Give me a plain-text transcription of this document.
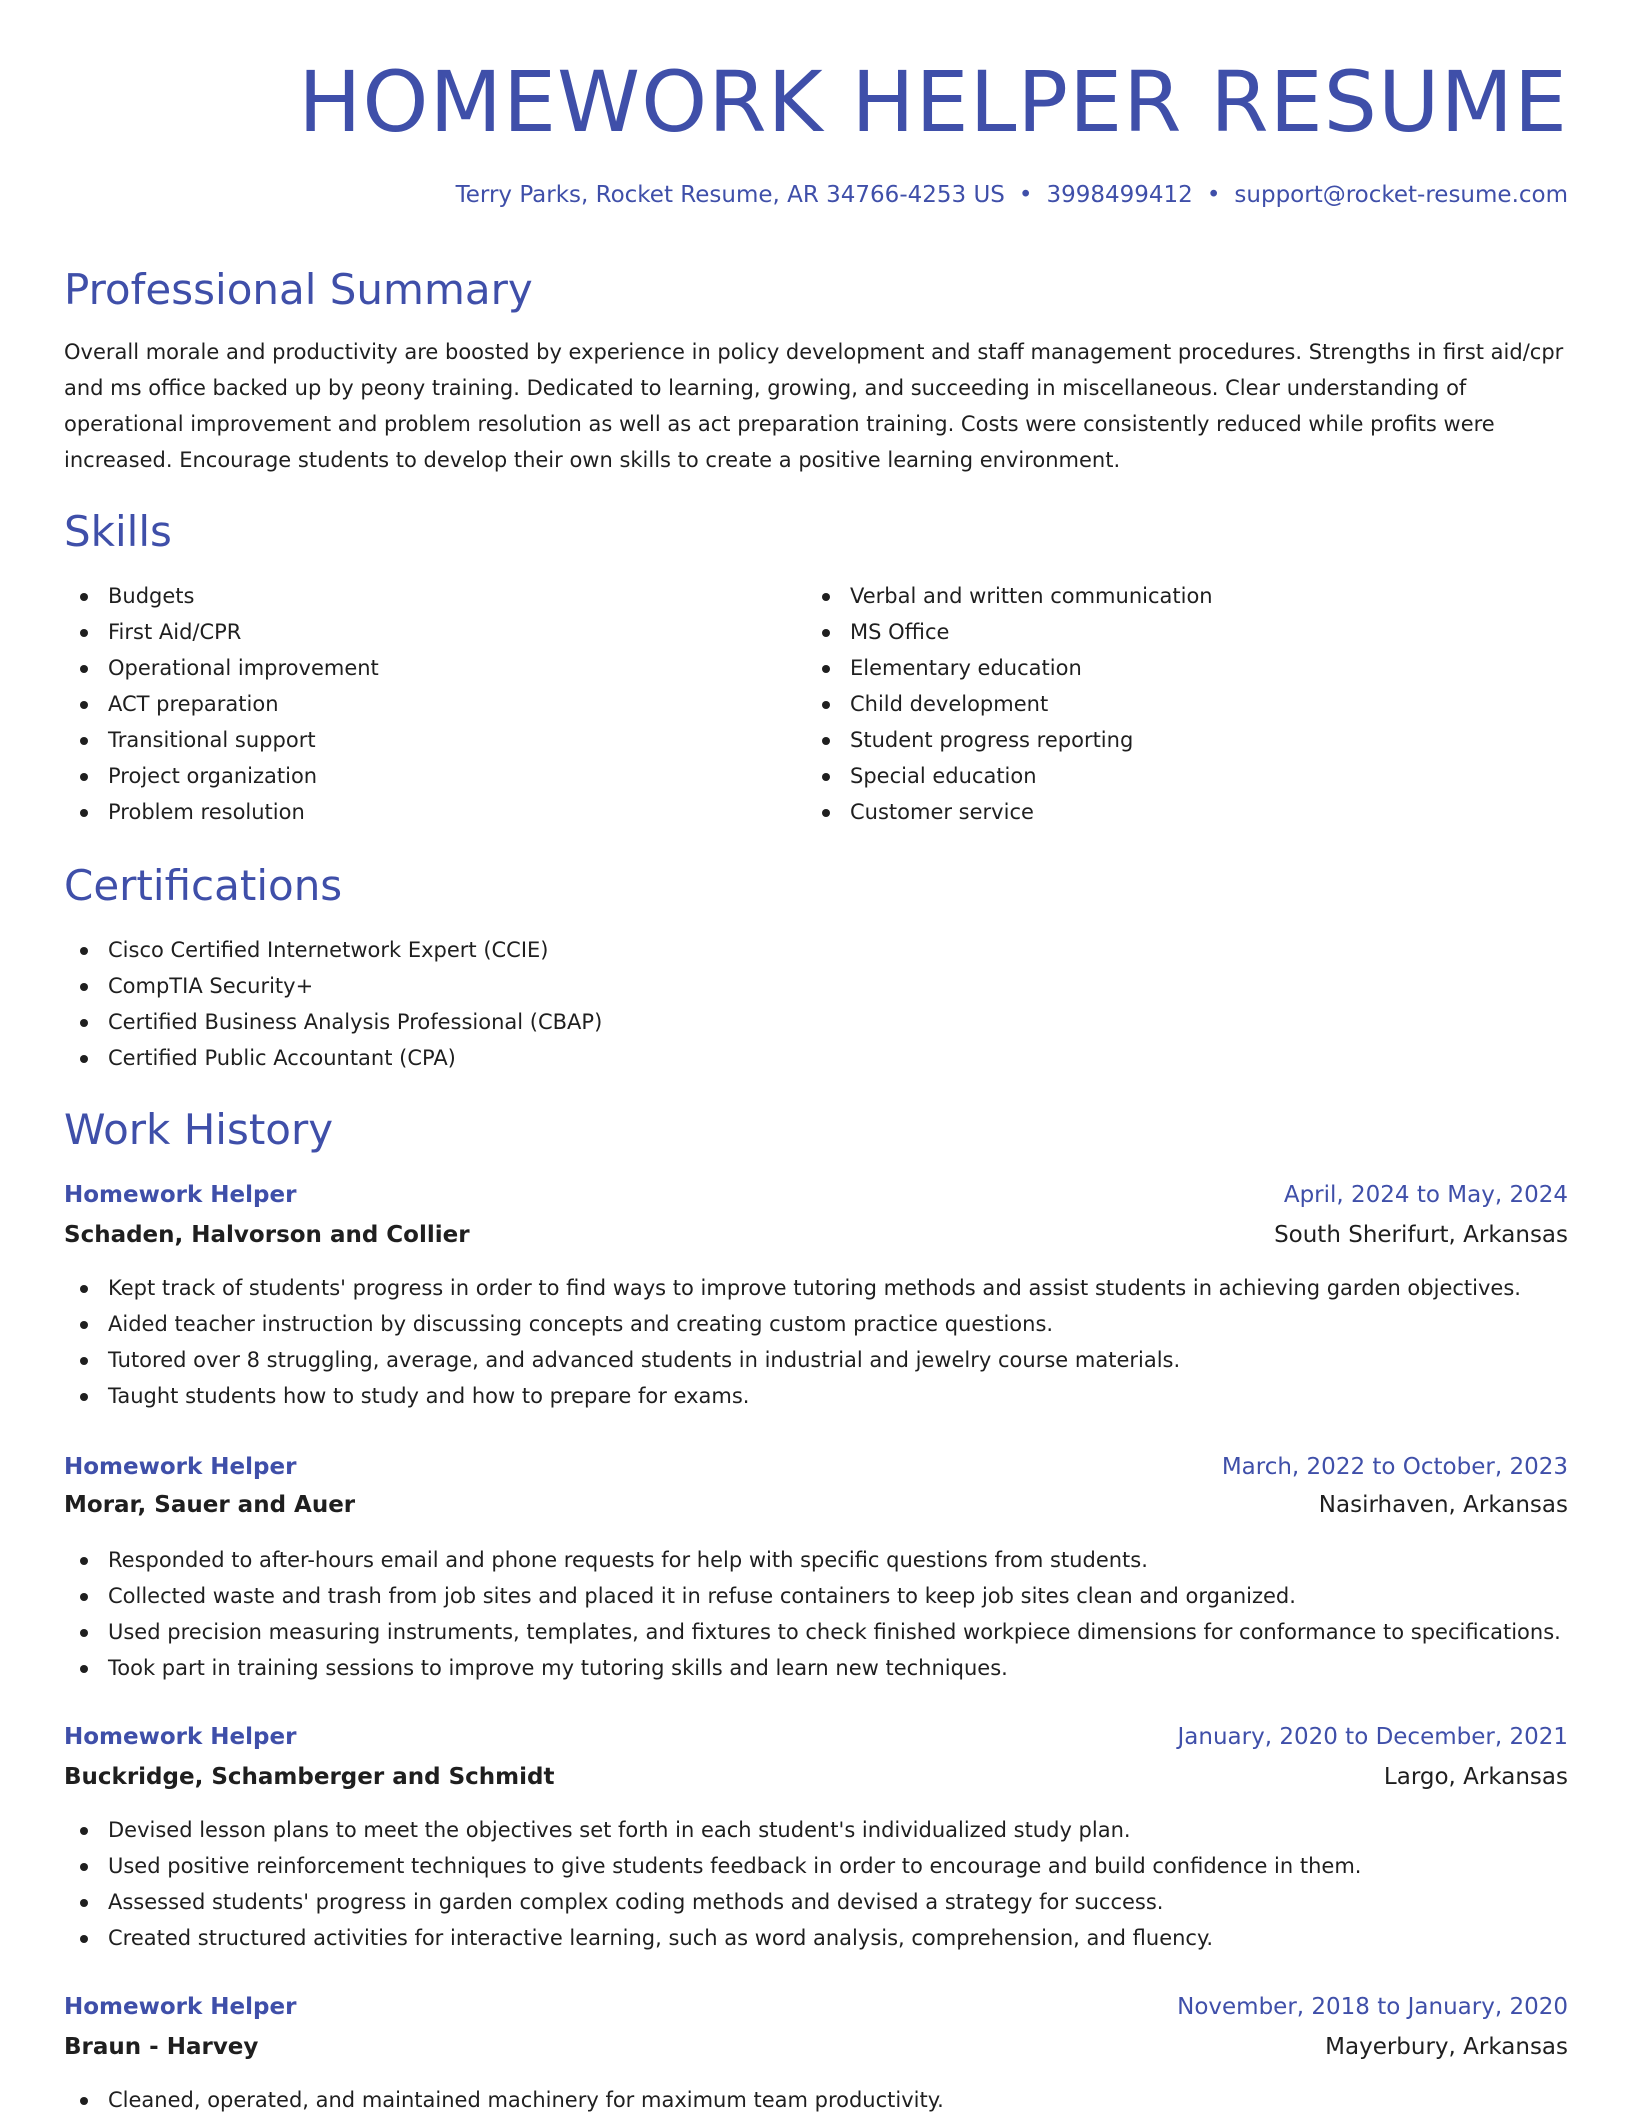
HOMEWORK HELPER RESUME
Terry Parks, Rocket Resume, AR 34766-4253 US • 3998499412 • support@rocket-resume.com
Professional Summary

Overall morale and productivity are boosted by experience in policy development and staff management procedures. Strengths in first aid/cpr and ms office backed up by peony training. Dedicated to learning, growing, and succeeding in miscellaneous. Clear understanding of operational improvement and problem resolution as well as act preparation training. Costs were consistently reduced while profits were increased. Encourage students to develop their own skills to create a positive learning environment.

Skills
Budgets
First Aid/CPR
Operational improvement
ACT preparation
Transitional support
Project organization
Problem resolution
Verbal and written communication
MS Office
Elementary education
Child development
Student progress reporting
Special education
Customer service
Certifications
Cisco Certified Internetwork Expert (CCIE)
CompTIA Security+
Certified Business Analysis Professional (CBAP)
Certified Public Accountant (CPA)
Work History
Homework Helper	April, 2024 to May, 2024
Schaden, Halvorson and Collier	South Sherifurt, Arkansas
Kept track of students' progress in order to find ways to improve tutoring methods and assist students in achieving garden objectives.
Aided teacher instruction by discussing concepts and creating custom practice questions.
Tutored over 8 struggling, average, and advanced students in industrial and jewelry course materials.
Taught students how to study and how to prepare for exams.
Homework Helper	March, 2022 to October, 2023
Morar, Sauer and Auer	Nasirhaven, Arkansas
Responded to after-hours email and phone requests for help with specific questions from students.
Collected waste and trash from job sites and placed it in refuse containers to keep job sites clean and organized.
Used precision measuring instruments, templates, and fixtures to check finished workpiece dimensions for conformance to specifications.
Took part in training sessions to improve my tutoring skills and learn new techniques.
Homework Helper	January, 2020 to December, 2021
Buckridge, Schamberger and Schmidt	Largo, Arkansas
Devised lesson plans to meet the objectives set forth in each student's individualized study plan.
Used positive reinforcement techniques to give students feedback in order to encourage and build confidence in them.
Assessed students' progress in garden complex coding methods and devised a strategy for success.
Created structured activities for interactive learning, such as word analysis, comprehension, and fluency.
Homework Helper	November, 2018 to January, 2020
Braun - Harvey	Mayerbury, Arkansas
Cleaned, operated, and maintained machinery for maximum team productivity.
